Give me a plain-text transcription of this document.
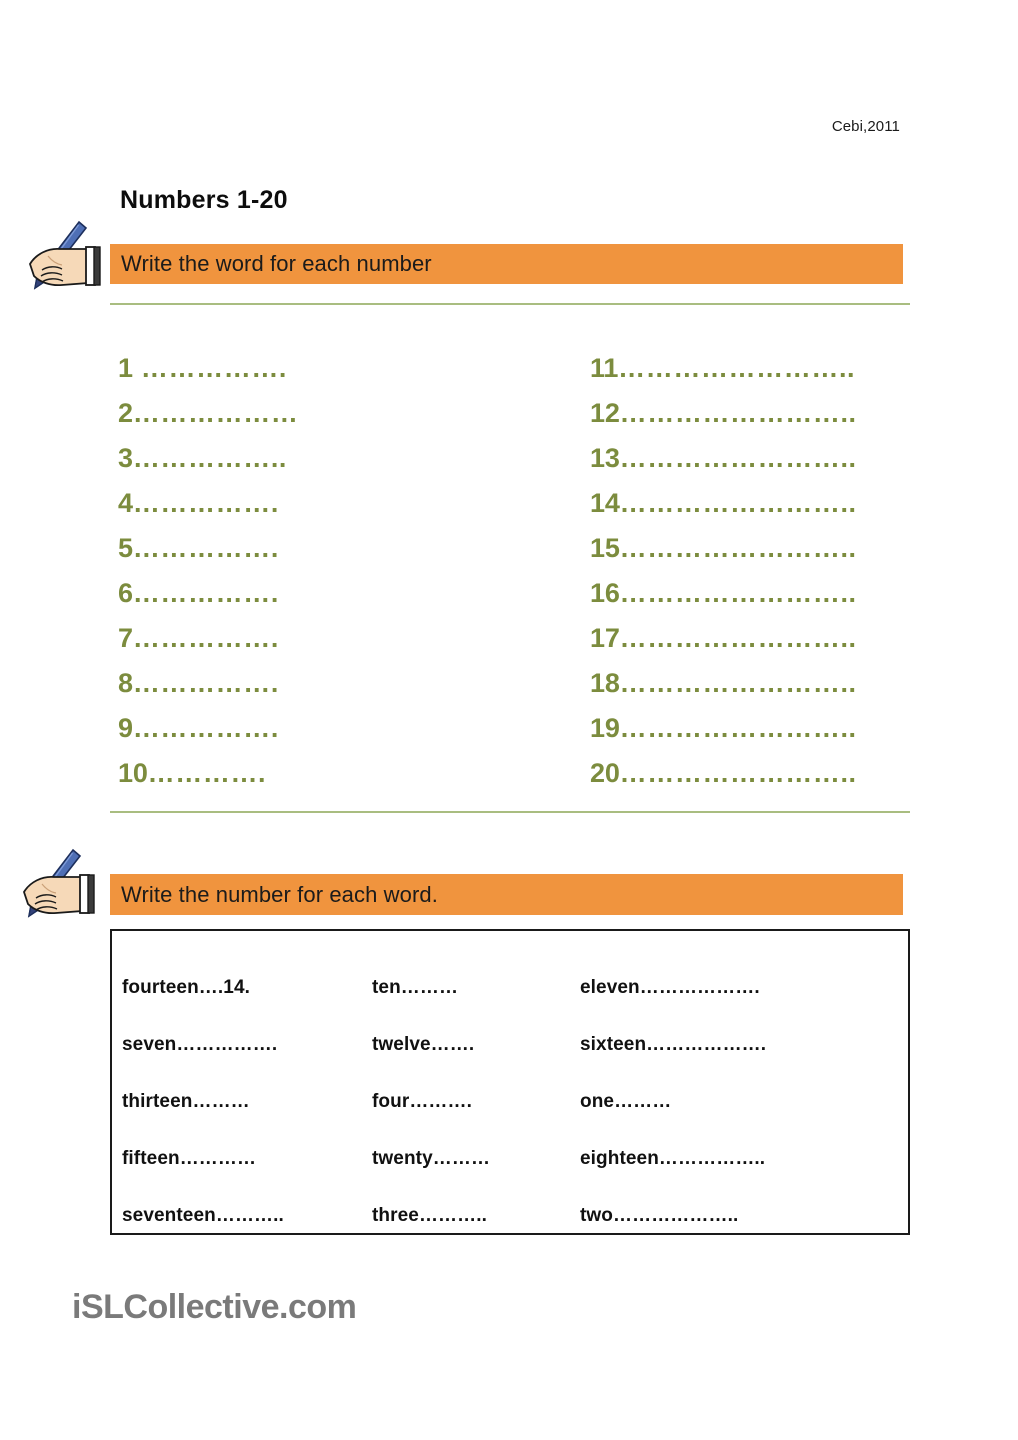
Cebi,2011
Numbers 1-20
Write the word for each number
1 …………….	11……………………..
2………………	12……………………..
3……………..	13……………………..
4…………….	14……………………..
5…………….	15……………………..
6…………….	16……………………..
7…………….	17……………………..
8…………….	18……………………..
9…………….	19……………………..
10………….	20……………………..
Write the number for each word.
fourteen….14.	ten………	eleven……………….
seven…………….	twelve…….	sixteen……………….
thirteen………	four……….	one………
fifteen…………	twenty………	eighteen……………..
seventeen………..	three………..	two………………..
iSLCollective.com
